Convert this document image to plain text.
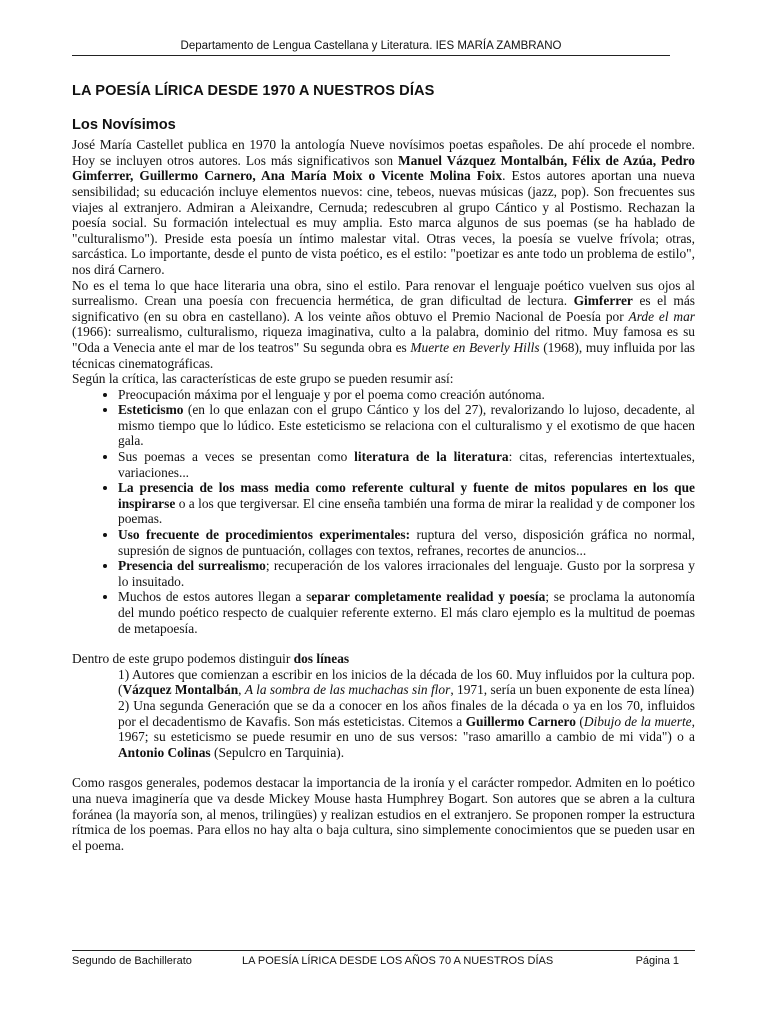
Departamento de Lengua Castellana y Literatura. IES MARÍA ZAMBRANO
LA POESÍA LÍRICA DESDE 1970 A NUESTROS DÍAS
Los Novísimos

José María Castellet publica en 1970 la antología Nueve novísimos poetas españoles. De ahí procede el nombre. Hoy se incluyen otros autores. Los más significativos son Manuel Vázquez Montalbán, Félix de Azúa, Pedro Gimferrer, Guillermo Carnero, Ana María Moix o Vicente Molina Foix. Estos autores aportan una nueva sensibilidad; su educación incluye elementos nuevos: cine, tebeos, nuevas músicas (jazz, pop). Son frecuentes sus viajes al extranjero. Admiran a Aleixandre, Cernuda; redescubren al grupo Cántico y al Postismo. Rechazan la poesía social. Su formación intelectual es muy amplia. Esto marca algunos de sus poemas (se ha hablado de "culturalismo"). Preside esta poesía un íntimo malestar vital. Otras veces, la poesía se vuelve frívola; otras, sarcástica. Lo importante, desde el punto de vista poético, es el estilo: "poetizar es ante todo un problema de estilo", nos dirá Carnero.

No es el tema lo que hace literaria una obra, sino el estilo. Para renovar el lenguaje poético vuelven sus ojos al surrealismo. Crean una poesía con frecuencia hermética, de gran dificultad de lectura. Gimferrer es el más significativo (en su obra en castellano). A los veinte años obtuvo el Premio Nacional de Poesía por Arde el mar (1966): surrealismo, culturalismo, riqueza imaginativa, culto a la palabra, dominio del ritmo. Muy famosa es su "Oda a Venecia ante el mar de los teatros" Su segunda obra es Muerte en Beverly Hills (1968), muy influida por las técnicas cinematográficas.

Según la crítica, las características de este grupo se pueden resumir así:

• Preocupación máxima por el lenguaje y por el poema como creación autónoma.
• Esteticismo (en lo que enlazan con el grupo Cántico y los del 27), revalorizando lo lujoso, decadente, al mismo tiempo que lo lúdico. Este esteticismo se relaciona con el culturalismo y el exotismo de que hacen gala.
• Sus poemas a veces se presentan como literatura de la literatura: citas, referencias intertextuales, variaciones...
• La presencia de los mass media como referente cultural y fuente de mitos populares en los que inspirarse o a los que tergiversar. El cine enseña también una forma de mirar la realidad y de componer los poemas.
• Uso frecuente de procedimientos experimentales: ruptura del verso, disposición gráfica no normal, supresión de signos de puntuación, collages con textos, refranes, recortes de anuncios...
• Presencia del surrealismo; recuperación de los valores irracionales del lenguaje. Gusto por la sorpresa y lo insuitado.
• Muchos de estos autores llegan a separar completamente realidad y poesía; se proclama la autonomía del mundo poético respecto de cualquier referente externo. El más claro ejemplo es la multitud de poemas de metapoesía.

Dentro de este grupo podemos distinguir dos líneas

1) Autores que comienzan a escribir en los inicios de la década de los 60. Muy influidos por la cultura pop. (Vázquez Montalbán, A la sombra de las muchachas sin flor, 1971, sería un buen exponente de esta línea)

2) Una segunda Generación que se da a conocer en los años finales de la década o ya en los 70, influidos por el decadentismo de Kavafis. Son más esteticistas. Citemos a Guillermo Carnero (Dibujo de la muerte, 1967; su esteticismo se puede resumir en uno de sus versos: "raso amarillo a cambio de mi vida") o a Antonio Colinas (Sepulcro en Tarquinia).

Como rasgos generales, podemos destacar la importancia de la ironía y el carácter rompedor. Admiten en lo poético una nueva imaginería que va desde Mickey Mouse hasta Humphrey Bogart. Son autores que se abren a la cultura foránea (la mayoría son, al menos, trilingües) y realizan estudios en el extranjero. Se proponen romper la estructura rítmica de los poemas. Para ellos no hay alta o baja cultura, sino simplemente conocimientos que se pueden usar en el poema.

Segundo de Bachillerato	LA POESÍA LÍRICA DESDE LOS AÑOS 70 A NUESTROS DÍAS	Página 1
